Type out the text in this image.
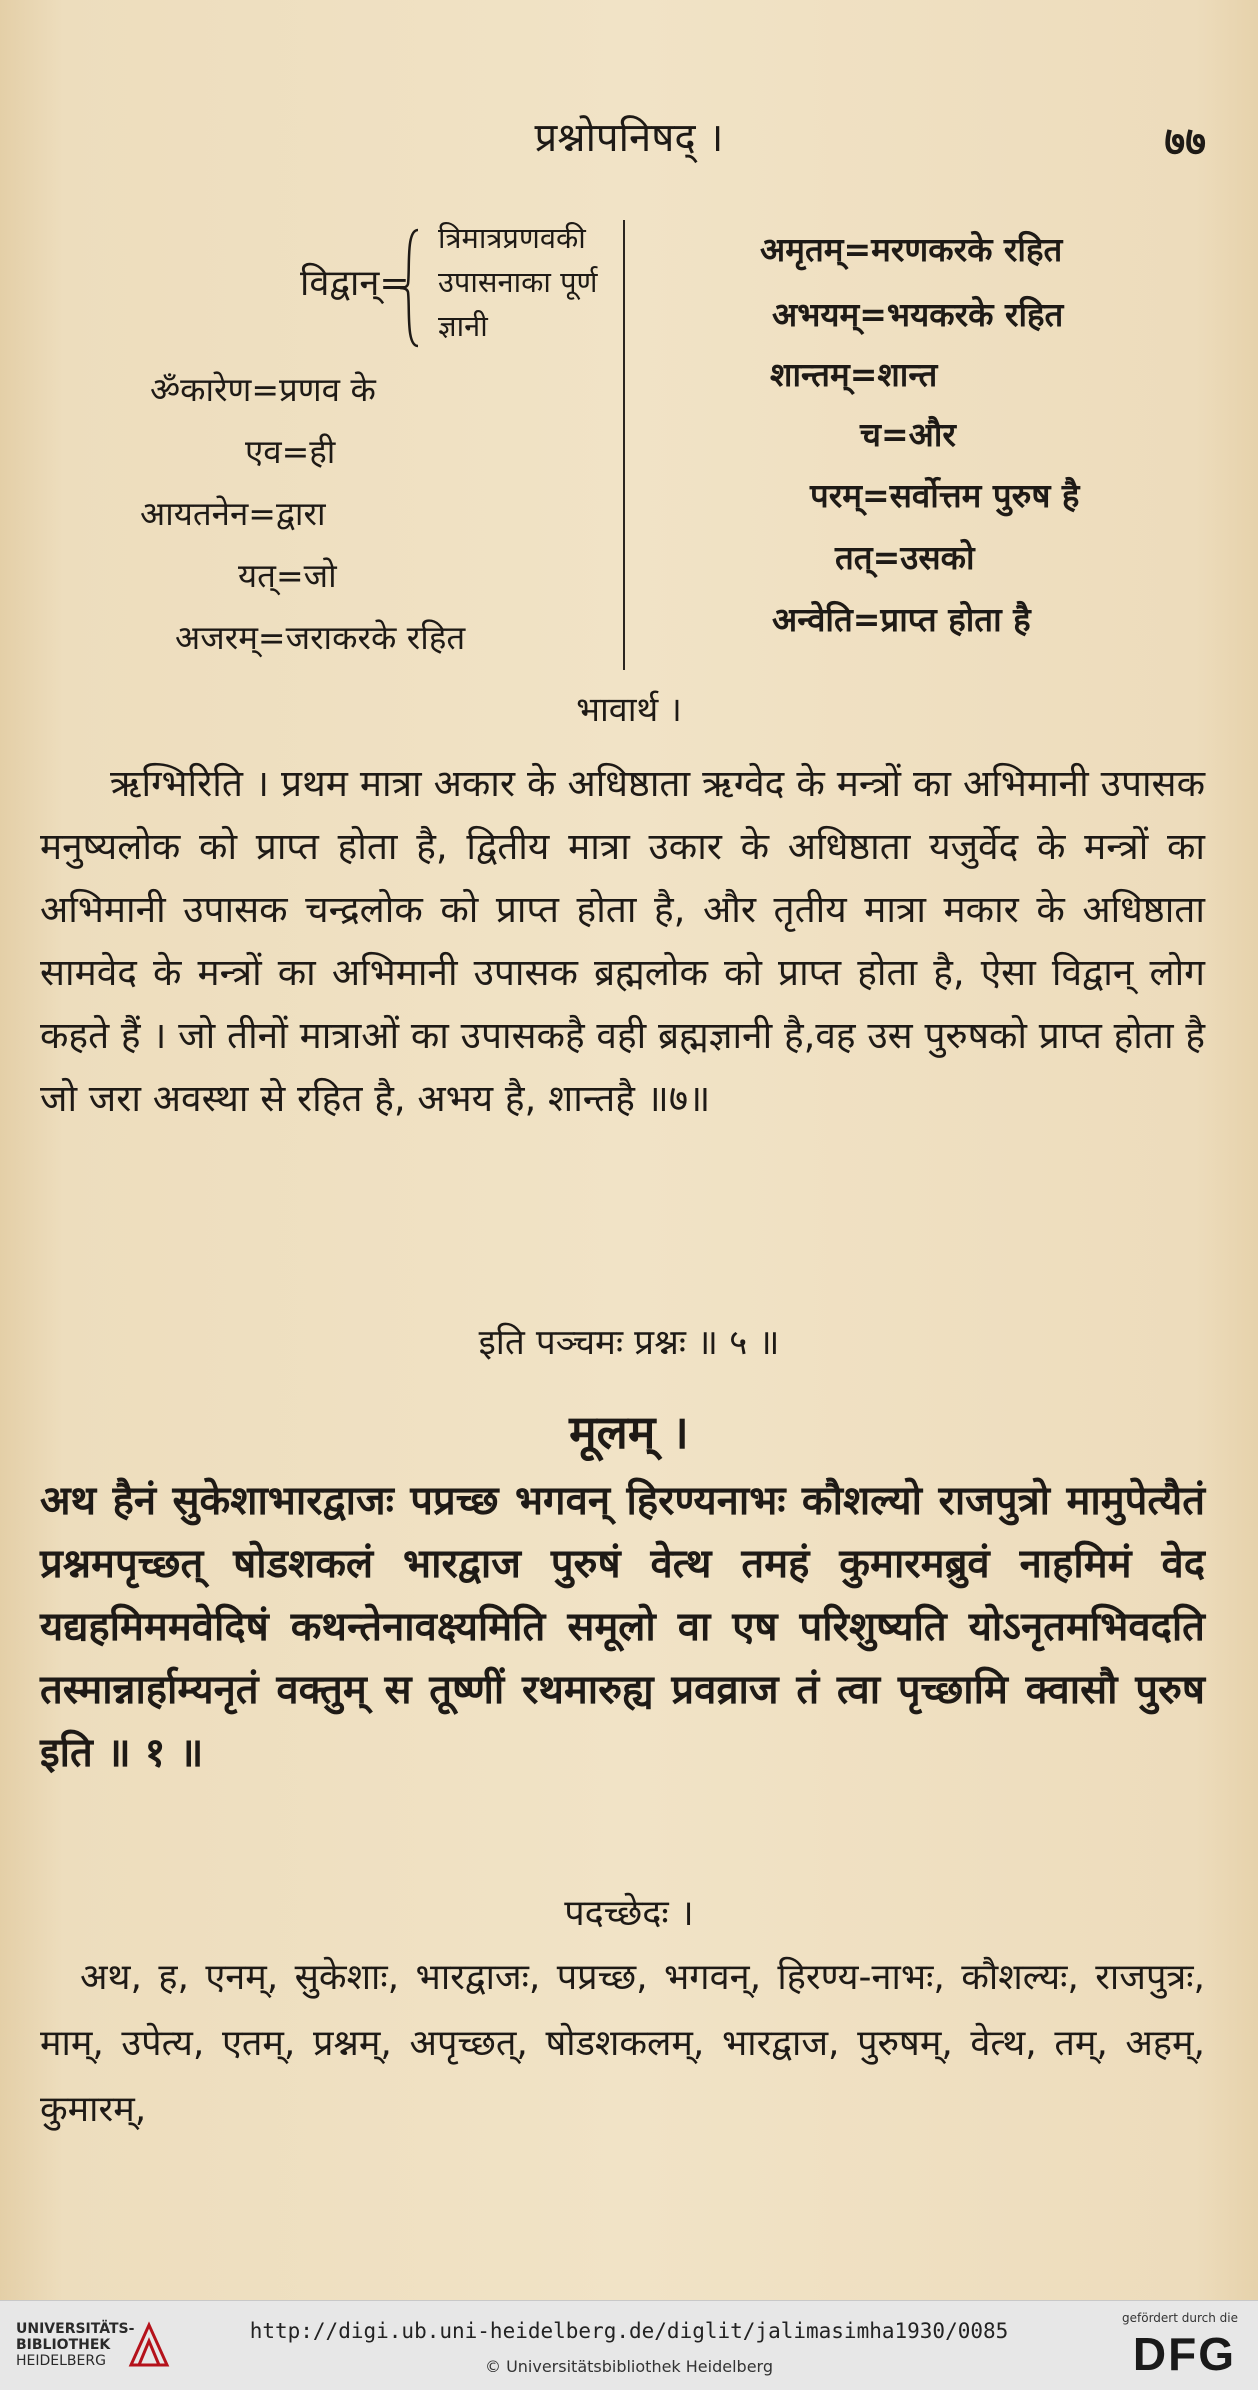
प्रश्नोपनिषद् ।	७७
विद्वान्=
त्रिमात्रप्रणवकी
उपासनाका पूर्ण
ज्ञानी
ॐकारेण=प्रणव के
एव=ही
आयतनेन=द्वारा
यत्=जो
अजरम्=जराकरके रहित
अमृतम्=मरणकरके रहित
अभयम्=भयकरके रहित
शान्तम्=शान्त
च=और
परम्=सर्वोत्तम पुरुष है
तत्=उसको
अन्वेति=प्राप्त होता है
भावार्थ ।
ऋग्भिरिति । प्रथम मात्रा अकार के अधिष्ठाता ऋग्वेद के मन्त्रों का अभिमानी उपासक मनुष्यलोक को प्राप्त होता है, द्वितीय मात्रा उकार के अधिष्ठाता यजुर्वेद के मन्त्रों का अभिमानी उपासक चन्द्रलोक को प्राप्त होता है, और तृतीय मात्रा मकार के अधिष्ठाता सामवेद के मन्त्रों का अभिमानी उपासक ब्रह्मलोक को प्राप्त होता है, ऐसा विद्वान् लोग कहते हैं । जो तीनों मात्राओं का उपासकहै वही ब्रह्मज्ञानी है,वह उस पुरुषको प्राप्त होता है जो जरा अवस्था से रहित है, अभय है, शान्तहै ॥७॥
इति पञ्चमः प्रश्नः ॥ ५ ॥
मूलम् ।
अथ हैनं सुकेशाभारद्वाजः पप्रच्छ भगवन् हिरण्यनाभः कौशल्यो राजपुत्रो मामुपेत्यैतं प्रश्नमपृच्छत् षोडशकलं भारद्वाज पुरुषं वेत्थ तमहं कुमारमब्रुवं नाहमिमं वेद यद्यहमिममवेदिषं कथन्तेनावक्ष्यमिति समूलो वा एष परिशुष्यति योऽनृतमभिवदति तस्मान्नार्हाम्यनृतं वक्तुम् स तूष्णीं रथमारुह्य प्रवव्राज तं त्वा पृच्छामि क्वासौ पुरुष इति ॥ १ ॥
पदच्छेदः ।
अथ, ह, एनम्, सुकेशाः, भारद्वाजः, पप्रच्छ, भगवन्, हिरण्य-नाभः, कौशल्यः, राजपुत्रः, माम्, उपेत्य, एतम्, प्रश्नम्, अपृच्छत्, षोडशकलम्, भारद्वाज, पुरुषम्, वेत्थ, तम्, अहम्, कुमारम्,
UNIVERSITÄTS-
BIBLIOTHEK
HEIDELBERG
http://digi.ub.uni-heidelberg.de/diglit/jalimasimha1930/0085
© Universitätsbibliothek Heidelberg
gefördert durch die
DFG
